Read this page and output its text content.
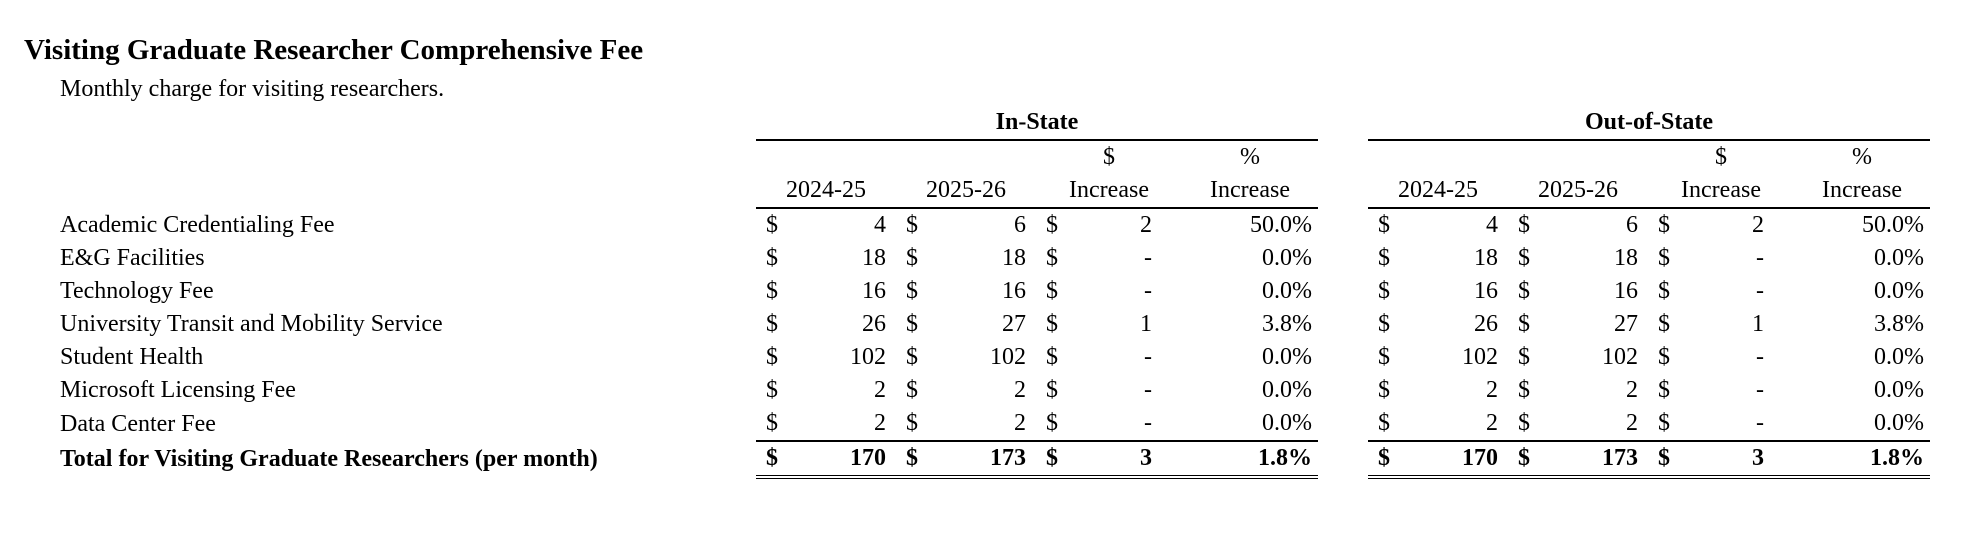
Visiting Graduate Researcher Comprehensive Fee
Monthly charge for visiting researchers.
	In-State								Out-of-State						
					$		%						$		%
	2024-25		2025-26		Increase		Increase		2024-25		2025-26		Increase		Increase
Academic Credentialing Fee	$	4	$	6	$	2	50.0%		$	4	$	6	$	2	50.0%
E&G Facilities	$	18	$	18	$	-	0.0%		$	18	$	18	$	-	0.0%
Technology Fee	$	16	$	16	$	-	0.0%		$	16	$	16	$	-	0.0%
University Transit and Mobility Service	$	26	$	27	$	1	3.8%		$	26	$	27	$	1	3.8%
Student Health	$	102	$	102	$	-	0.0%		$	102	$	102	$	-	0.0%
Microsoft Licensing Fee	$	2	$	2	$	-	0.0%		$	2	$	2	$	-	0.0%
Data Center Fee	$	2	$	2	$	-	0.0%		$	2	$	2	$	-	0.0%
Total for Visiting Graduate Researchers (per month)	$	170	$	173	$	3	1.8%		$	170	$	173	$	3	1.8%
